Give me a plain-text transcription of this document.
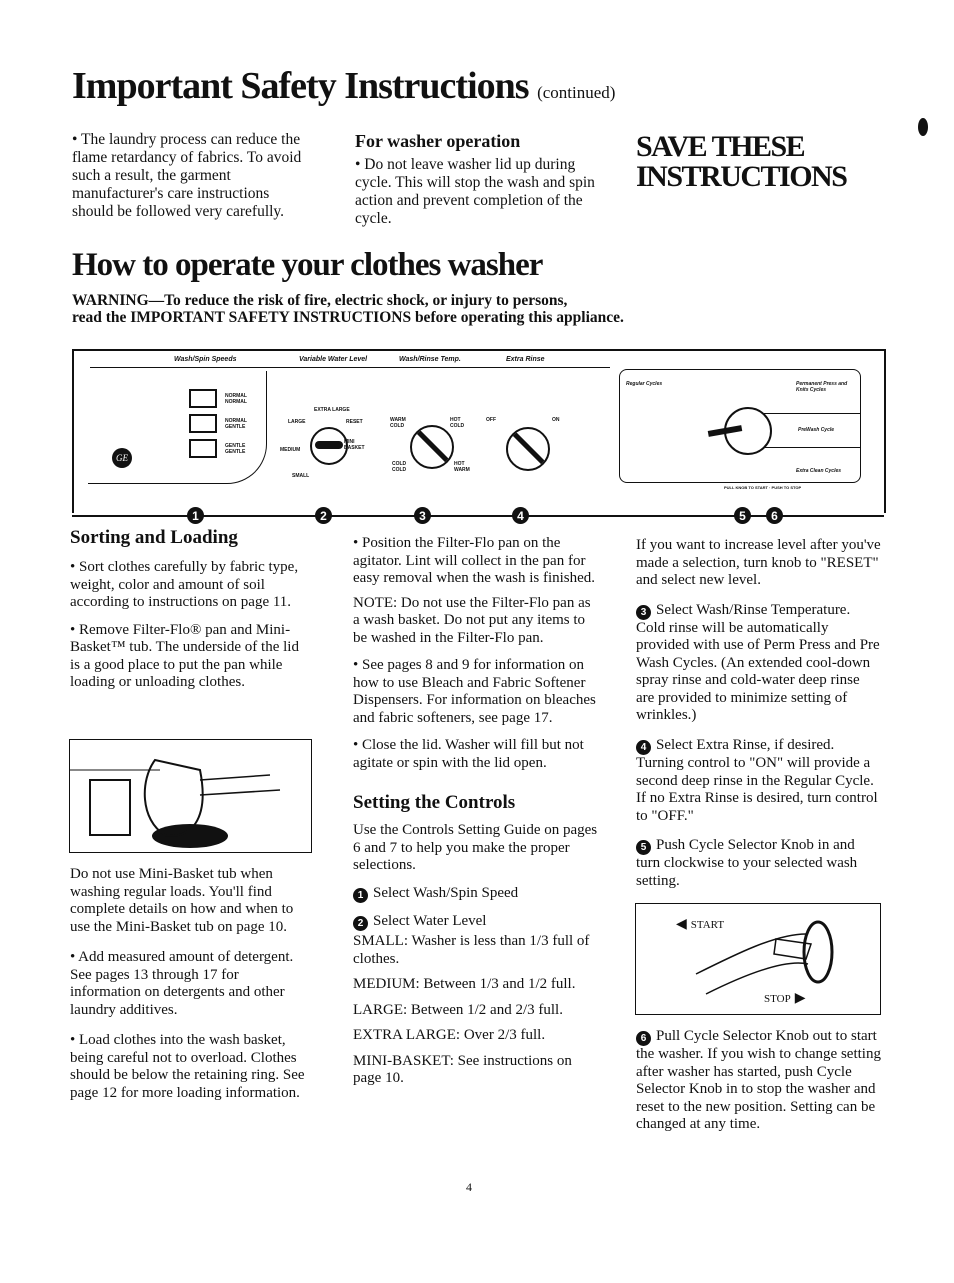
Important Safety Instructions (continued)

• The laundry process can reduce the flame retardancy of fabrics. To avoid such a result, the garment manufacturer's care instructions should be followed very carefully.

For washer operation

• Do not leave washer lid up during cycle. This will stop the wash and spin action and prevent completion of the cycle.

SAVE THESE
INSTRUCTIONS
How to operate your clothes washer
WARNING—To reduce the risk of fire, electric shock, or injury to persons,
read the IMPORTANT SAFETY INSTRUCTIONS before operating this appliance.
Wash/Spin Speeds	Variable Water Level	Wash/Rinse Temp.	Extra Rinse
GE
NORMAL NORMAL
NORMAL GENTLE
GENTLE GENTLE
EXTRA LARGE
LARGE	RESET
MEDIUM
MINI BASKET
SMALL
WARM COLD
HOT COLD
COLD COLD
HOT WARM
OFF	ON
Regular Cycles	Permanent Press and Knits Cycles
PreWash Cycle
Extra Clean Cycles
PULL KNOB TO START · PUSH TO STOP
1	2	3	4	5	6
Sorting and Loading

• Sort clothes carefully by fabric type, weight, color and amount of soil according to instructions on page 11.

• Remove Filter-Flo® pan and Mini-Basket™ tub. The underside of the lid is a good place to put the pan while loading or unloading clothes.

Do not use Mini-Basket tub when washing regular loads. You'll find complete details on how and when to use the Mini-Basket tub on page 10.

• Add measured amount of detergent. See pages 13 through 17 for information on detergents and other laundry additives.

• Load clothes into the wash basket, being careful not to overload. Clothes should be below the retaining ring. See page 12 for more loading information.

• Position the Filter-Flo pan on the agitator. Lint will collect in the pan for easy removal when the wash is finished.

NOTE: Do not use the Filter-Flo pan as a wash basket. Do not put any items to be washed in the Filter-Flo pan.

• See pages 8 and 9 for information on how to use Bleach and Fabric Softener Dispensers. For information on bleaches and fabric softeners, see page 17.

• Close the lid. Washer will fill but not agitate or spin with the lid open.

Setting the Controls

Use the Controls Setting Guide on pages 6 and 7 to help you make the proper selections.

1 Select Wash/Spin Speed

2 Select Water Level

SMALL: Washer is less than 1/3 full of clothes.

MEDIUM: Between 1/3 and 1/2 full.

LARGE: Between 1/2 and 2/3 full.

EXTRA LARGE: Over 2/3 full.

MINI-BASKET: See instructions on page 10.

If you want to increase level after you've made a selection, turn knob to "RESET" and select new level.

3 Select Wash/Rinse Temperature. Cold rinse will be automatically provided with use of Perm Press and Pre Wash Cycles. (An extended cool-down spray rinse and cold-water deep rinse are provided to minimize setting of wrinkles.)

4 Select Extra Rinse, if desired. Turning control to "ON" will provide a second deep rinse in the Regular Cycle. If no Extra Rinse is desired, turn control to "OFF."

5 Push Cycle Selector Knob in and turn clockwise to your selected wash setting.

◀ START
STOP ▶

6 Pull Cycle Selector Knob out to start the washer. If you wish to change setting after washer has started, push Cycle Selector Knob in to stop the washer and reset to the new position. Setting can be changed at any time.

4
